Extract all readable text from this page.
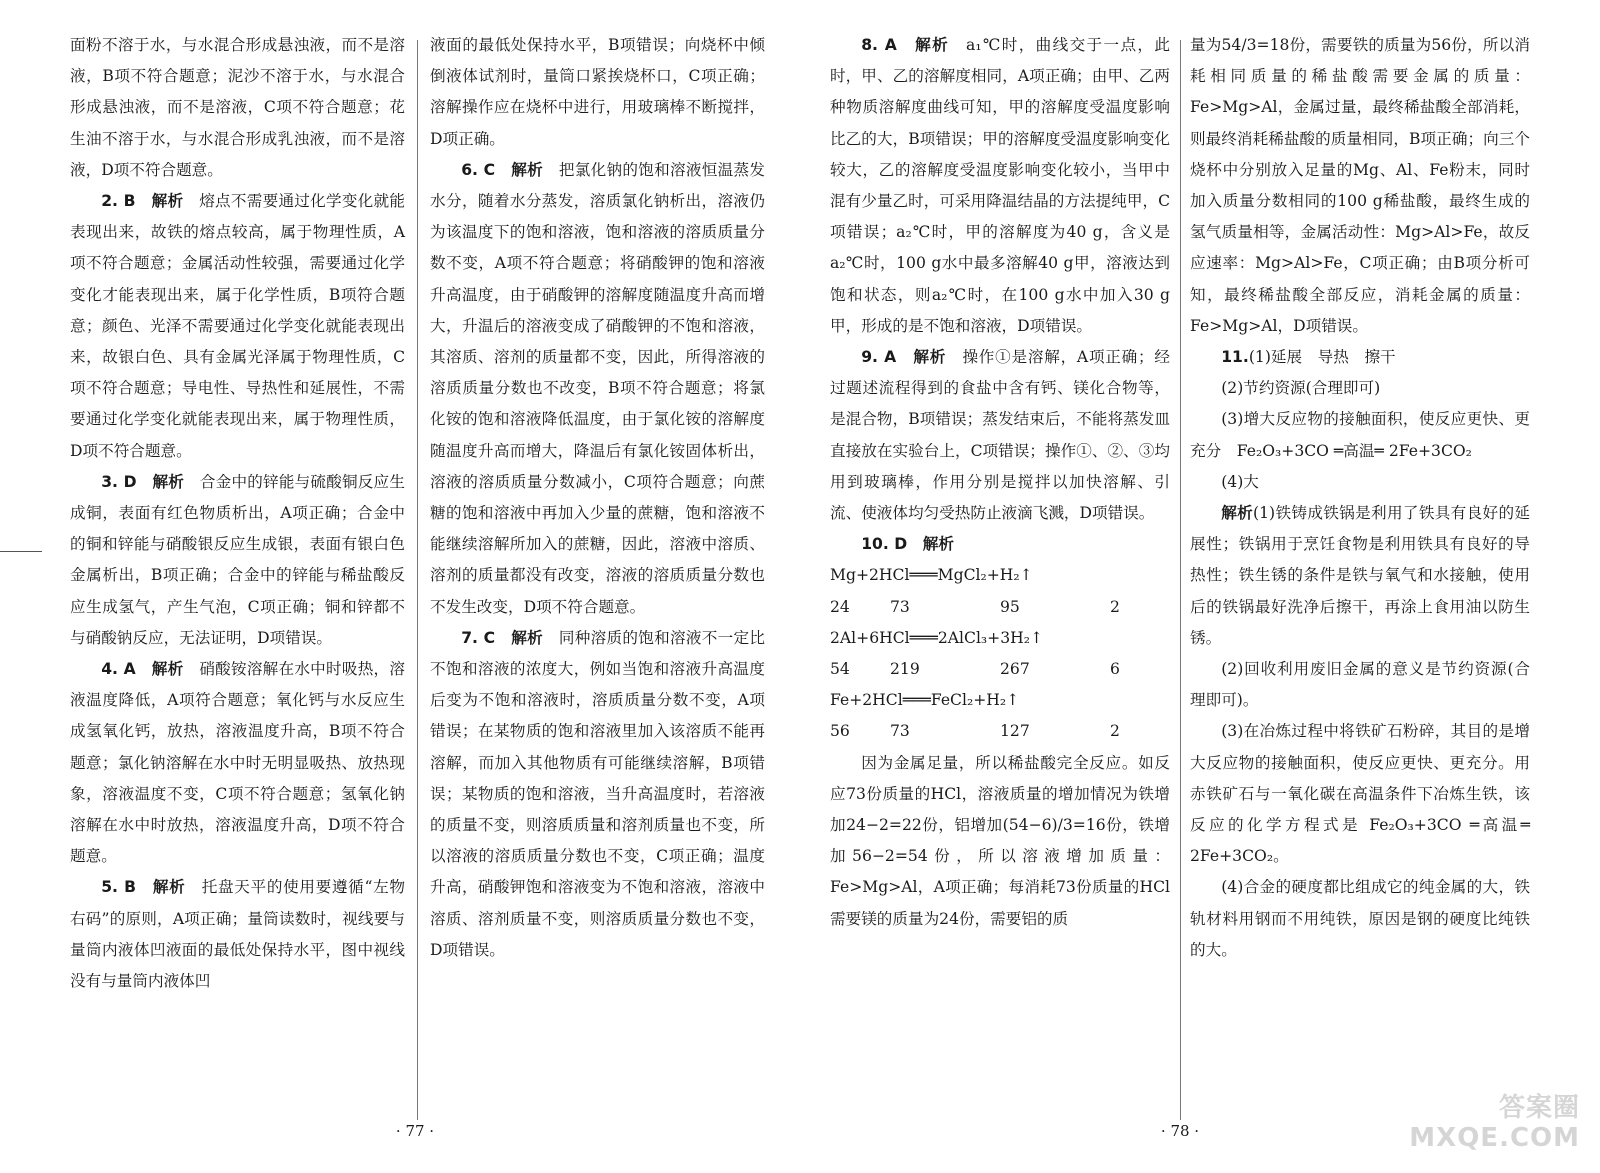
面粉不溶于水，与水混合形成悬浊液，而不是溶液，B项不符合题意；泥沙不溶于水，与水混合形成悬浊液，而不是溶液，C项不符合题意；花生油不溶于水，与水混合形成乳浊液，而不是溶液，D项不符合题意。

2. B　 解析　 熔点不需要通过化学变化就能表现出来，故铁的熔点较高，属于物理性质，A项不符合题意；金属活动性较强，需要通过化学变化才能表现出来，属于化学性质，B项符合题意；颜色、光泽不需要通过化学变化就能表现出来，故银白色、具有金属光泽属于物理性质，C项不符合题意；导电性、导热性和延展性，不需要通过化学变化就能表现出来，属于物理性质，D项不符合题意。

3. D　 解析　 合金中的锌能与硫酸铜反应生成铜，表面有红色物质析出，A项正确；合金中的铜和锌能与硝酸银反应生成银，表面有银白色金属析出，B项正确；合金中的锌能与稀盐酸反应生成氢气，产生气泡，C项正确；铜和锌都不与硝酸钠反应，无法证明，D项错误。

4. A　 解析　 硝酸铵溶解在水中时吸热，溶液温度降低，A项符合题意；氧化钙与水反应生成氢氧化钙，放热，溶液温度升高，B项不符合题意；氯化钠溶解在水中时无明显吸热、放热现象，溶液温度不变，C项不符合题意；氢氧化钠溶解在水中时放热，溶液温度升高，D项不符合题意。

5. B　 解析　 托盘天平的使用要遵循“左物右码”的原则，A项正确；量筒读数时，视线要与量筒内液体凹液面的最低处保持水平，图中视线没有与量筒内液体凹

液面的最低处保持水平，B项错误；向烧杯中倾倒液体试剂时，量筒口紧挨烧杯口，C项正确；溶解操作应在烧杯中进行，用玻璃棒不断搅拌，D项正确。

6. C　 解析　 把氯化钠的饱和溶液恒温蒸发水分，随着水分蒸发，溶质氯化钠析出，溶液仍为该温度下的饱和溶液，饱和溶液的溶质质量分数不变，A项不符合题意；将硝酸钾的饱和溶液升高温度，由于硝酸钾的溶解度随温度升高而增大，升温后的溶液变成了硝酸钾的不饱和溶液，其溶质、溶剂的质量都不变，因此，所得溶液的溶质质量分数也不改变，B项不符合题意；将氯化铵的饱和溶液降低温度，由于氯化铵的溶解度随温度升高而增大，降温后有氯化铵固体析出，溶液的溶质质量分数减小，C项符合题意；向蔗糖的饱和溶液中再加入少量的蔗糖，饱和溶液不能继续溶解所加入的蔗糖，因此，溶液中溶质、溶剂的质量都没有改变，溶液的溶质质量分数也不发生改变，D项不符合题意。

7. C　 解析　 同种溶质的饱和溶液不一定比不饱和溶液的浓度大，例如当饱和溶液升高温度后变为不饱和溶液时，溶质质量分数不变，A项错误；在某物质的饱和溶液里加入该溶质不能再溶解，而加入其他物质有可能继续溶解，B项错误；某物质的饱和溶液，当升高温度时，若溶液的质量不变，则溶质质量和溶剂质量也不变，所以溶液的溶质质量分数也不变，C项正确；温度升高，硝酸钾饱和溶液变为不饱和溶液，溶液中溶质、溶剂质量不变，则溶质质量分数也不变，D项错误。

· 77 ·

8. A　 解析　 a₁℃时，曲线交于一点，此时，甲、乙的溶解度相同，A项正确；由甲、乙两种物质溶解度曲线可知，甲的溶解度受温度影响比乙的大，B项错误；甲的溶解度受温度影响变化较大，乙的溶解度受温度影响变化较小，当甲中混有少量乙时，可采用降温结晶的方法提纯甲，C项错误；a₂℃时，甲的溶解度为40 g，含义是a₂℃时，100 g水中最多溶解40 g甲，溶液达到饱和状态，则a₂℃时，在100 g水中加入30 g甲，形成的是不饱和溶液，D项错误。

9. A　 解析　 操作①是溶解，A项正确；经过题述流程得到的食盐中含有钙、镁化合物等，是混合物，B项错误；蒸发结束后，不能将蒸发皿直接放在实验台上，C项错误；操作①、②、③均用到玻璃棒，作用分别是搅拌以加快溶解、引流、使液体均匀受热防止液滴飞溅，D项错误。

10. D　 解析

Mg+2HCl═══MgCl₂+H₂↑

24	73	95	2

2Al+6HCl═══2AlCl₃+3H₂↑

54	219	267	6

Fe+2HCl═══FeCl₂+H₂↑

56	73	127	2

因为金属足量，所以稀盐酸完全反应。如反应73份质量的HCl，溶液质量的增加情况为铁增加24−2=22份，铝增加(54−6)/3=16份，铁增加56−2=54份，所以溶液增加质量：Fe>Mg>Al，A项正确；每消耗73份质量的HCl需要镁的质量为24份，需要铝的质

量为54/3=18份，需要铁的质量为56份，所以消耗相同质量的稀盐酸需要金属的质量：Fe>Mg>Al，金属过量，最终稀盐酸全部消耗，则最终消耗稀盐酸的质量相同，B项正确；向三个烧杯中分别放入足量的Mg、Al、Fe粉末，同时加入质量分数相同的100 g稀盐酸，最终生成的氢气质量相等，金属活动性：Mg>Al>Fe，故反应速率：Mg>Al>Fe，C项正确；由B项分析可知，最终稀盐酸全部反应，消耗金属的质量：Fe>Mg>Al，D项错误。

11.(1)延展　导热　擦干

(2)节约资源(合理即可)

(3)增大反应物的接触面积，使反应更快、更充分　Fe₂O₃+3CO ═高温═ 2Fe+3CO₂

(4)大

解析(1)铁铸成铁锅是利用了铁具有良好的延展性；铁锅用于烹饪食物是利用铁具有良好的导热性；铁生锈的条件是铁与氧气和水接触，使用后的铁锅最好洗净后擦干，再涂上食用油以防生锈。

(2)回收利用废旧金属的意义是节约资源(合理即可)。

(3)在冶炼过程中将铁矿石粉碎，其目的是增大反应物的接触面积，使反应更快、更充分。用赤铁矿石与一氧化碳在高温条件下冶炼生铁，该反应的化学方程式是 Fe₂O₃+3CO ═高温═ 2Fe+3CO₂。

(4)合金的硬度都比组成它的纯金属的大，铁轨材料用钢而不用纯铁，原因是钢的硬度比纯铁的大。

· 78 ·
答案圈
MXQE.COM
